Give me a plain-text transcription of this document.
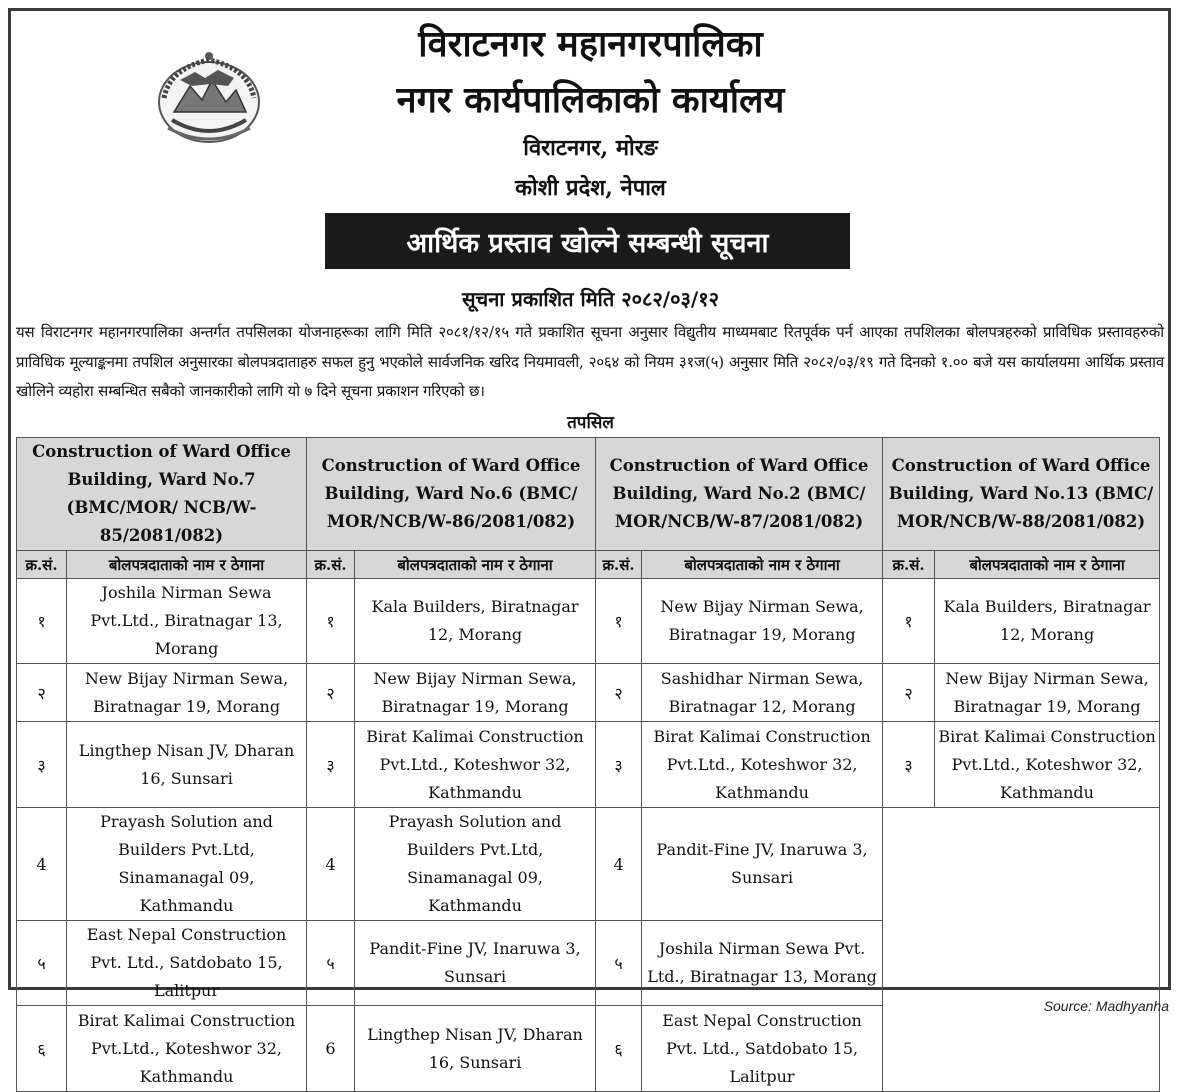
विराटनगर महानगरपालिका
नगर कार्यपालिकाको कार्यालय
विराटनगर, मोरङ
कोशी प्रदेश, नेपाल
आर्थिक प्रस्ताव खोल्ने सम्बन्धी सूचना
सूचना प्रकाशित मिति २०८२/०३/१२
यस विराटनगर महानगरपालिका अन्तर्गत तपसिलका योजनाहरूका लागि मिति २०८१/१२/१५ गते प्रकाशित सूचना अनुसार विद्युतीय माध्यमबाट रितपूर्वक पर्न आएका तपशिलका बोलपत्रहरुको प्राविधिक प्रस्तावहरुको प्राविधिक मूल्याङ्कनमा तपशिल अनुसारका बोलपत्रदाताहरु सफल हुनु भएकोले सार्वजनिक खरिद नियमावली, २०६४ को नियम ३१ज(५) अनुसार मिति २०८२/०३/१९ गते दिनको १.०० बजे यस कार्यालयमा आर्थिक प्रस्ताव खोलिने व्यहोरा सम्बन्धित सबैको जानकारीको लागि यो ७ दिने सूचना प्रकाशन गरिएको छ।
तपसिल
Construction of Ward Office Building, Ward No.7 (BMC/MOR/ NCB/W-85/2081/082)		Construction of Ward Office Building, Ward No.6 (BMC/ MOR/NCB/W-86/2081/082)		Construction of Ward Office Building, Ward No.2 (BMC/ MOR/NCB/W-87/2081/082)		Construction of Ward Office Building, Ward No.13 (BMC/ MOR/NCB/W-88/2081/082)	
क्र.सं.	बोलपत्रदाताको नाम र ठेगाना	क्र.सं.	बोलपत्रदाताको नाम र ठेगाना	क्र.सं.	बोलपत्रदाताको नाम र ठेगाना	क्र.सं.	बोलपत्रदाताको नाम र ठेगाना
१	Joshila Nirman Sewa Pvt.Ltd., Biratnagar 13, Morang	१	Kala Builders, Biratnagar 12, Morang	१	New Bijay Nirman Sewa, Biratnagar 19, Morang	१	Kala Builders, Biratnagar 12, Morang
२	New Bijay Nirman Sewa, Biratnagar 19, Morang	२	New Bijay Nirman Sewa, Biratnagar 19, Morang	२	Sashidhar Nirman Sewa, Biratnagar 12, Morang	२	New Bijay Nirman Sewa, Biratnagar 19, Morang
३	Lingthep Nisan JV, Dharan 16, Sunsari	३	Birat Kalimai Construction Pvt.Ltd., Koteshwor 32, Kathmandu	३	Birat Kalimai Construction Pvt.Ltd., Koteshwor 32, Kathmandu	३	Birat Kalimai Construction Pvt.Ltd., Koteshwor 32, Kathmandu
4	Prayash Solution and Builders Pvt.Ltd, Sinamanagal 09, Kathmandu	4	Prayash Solution and Builders Pvt.Ltd, Sinamanagal 09, Kathmandu	4	Pandit-Fine JV, Inaruwa 3, Sunsari		
५	East Nepal Construction Pvt. Ltd., Satdobato 15, Lalitpur	५	Pandit-Fine JV, Inaruwa 3, Sunsari	५	Joshila Nirman Sewa Pvt. Ltd., Biratnagar 13, Morang		
६	Birat Kalimai Construction Pvt.Ltd., Koteshwor 32, Kathmandu	6	Lingthep Nisan JV, Dharan 16, Sunsari	६	East Nepal Construction Pvt. Ltd., Satdobato 15, Lalitpur		
Source: Madhyanha
